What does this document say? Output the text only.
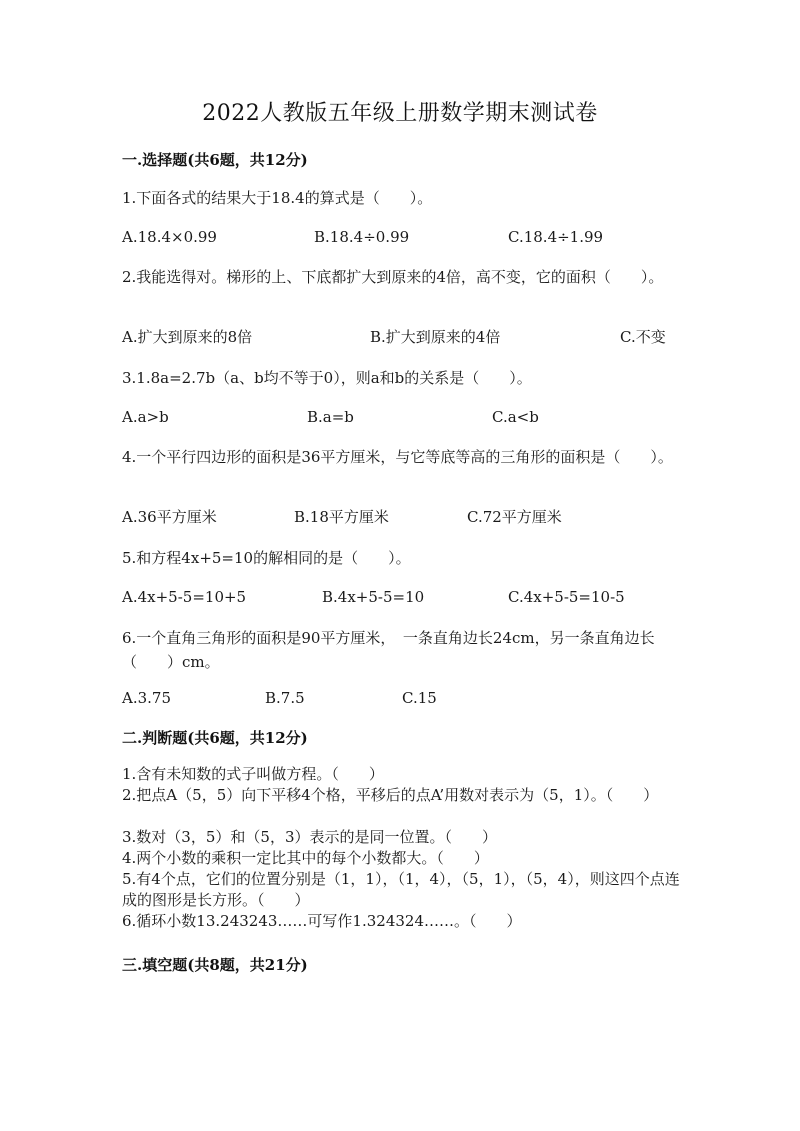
2022人教版五年级上册数学期末测试卷
一.选择题(共6题，共12分)
1.下面各式的结果大于18.4的算式是（　　）。
A.18.4×0.99	B.18.4÷0.99	C.18.4÷1.99
2.我能选得对。梯形的上、下底都扩大到原来的4倍，高不变，它的面积（　　）。
A.扩大到原来的8倍	B.扩大到原来的4倍	C.不变
3.1.8a=2.7b（a、b均不等于0），则a和b的关系是（　　）。
A.a>b	B.a=b	C.a<b
4.一个平行四边形的面积是36平方厘米，与它等底等高的三角形的面积是（　　）。
A.36平方厘米	B.18平方厘米	C.72平方厘米
5.和方程4x+5=10的解相同的是（　　）。
A.4x+5-5=10+5	B.4x+5-5=10	C.4x+5-5=10-5
6.一个直角三角形的面积是90平方厘米，　一条直角边长24cm，另一条直角边长（　　）cm。
A.3.75	B.7.5	C.15
二.判断题(共6题，共12分)
1.含有未知数的式子叫做方程。（　　）
2.把点A（5，5）向下平移4个格，平移后的点A’用数对表示为（5，1）。（　　）
3.数对（3，5）和（5，3）表示的是同一位置。（　　）
4.两个小数的乘积一定比其中的每个小数都大。（　　）
5.有4个点，它们的位置分别是（1，1），（1，4），（5，1），（5，4），则这四个点连成的图形是长方形。（　　）
6.循环小数13.243243……可写作1.324324……。（　　）
三.填空题(共8题，共21分)
